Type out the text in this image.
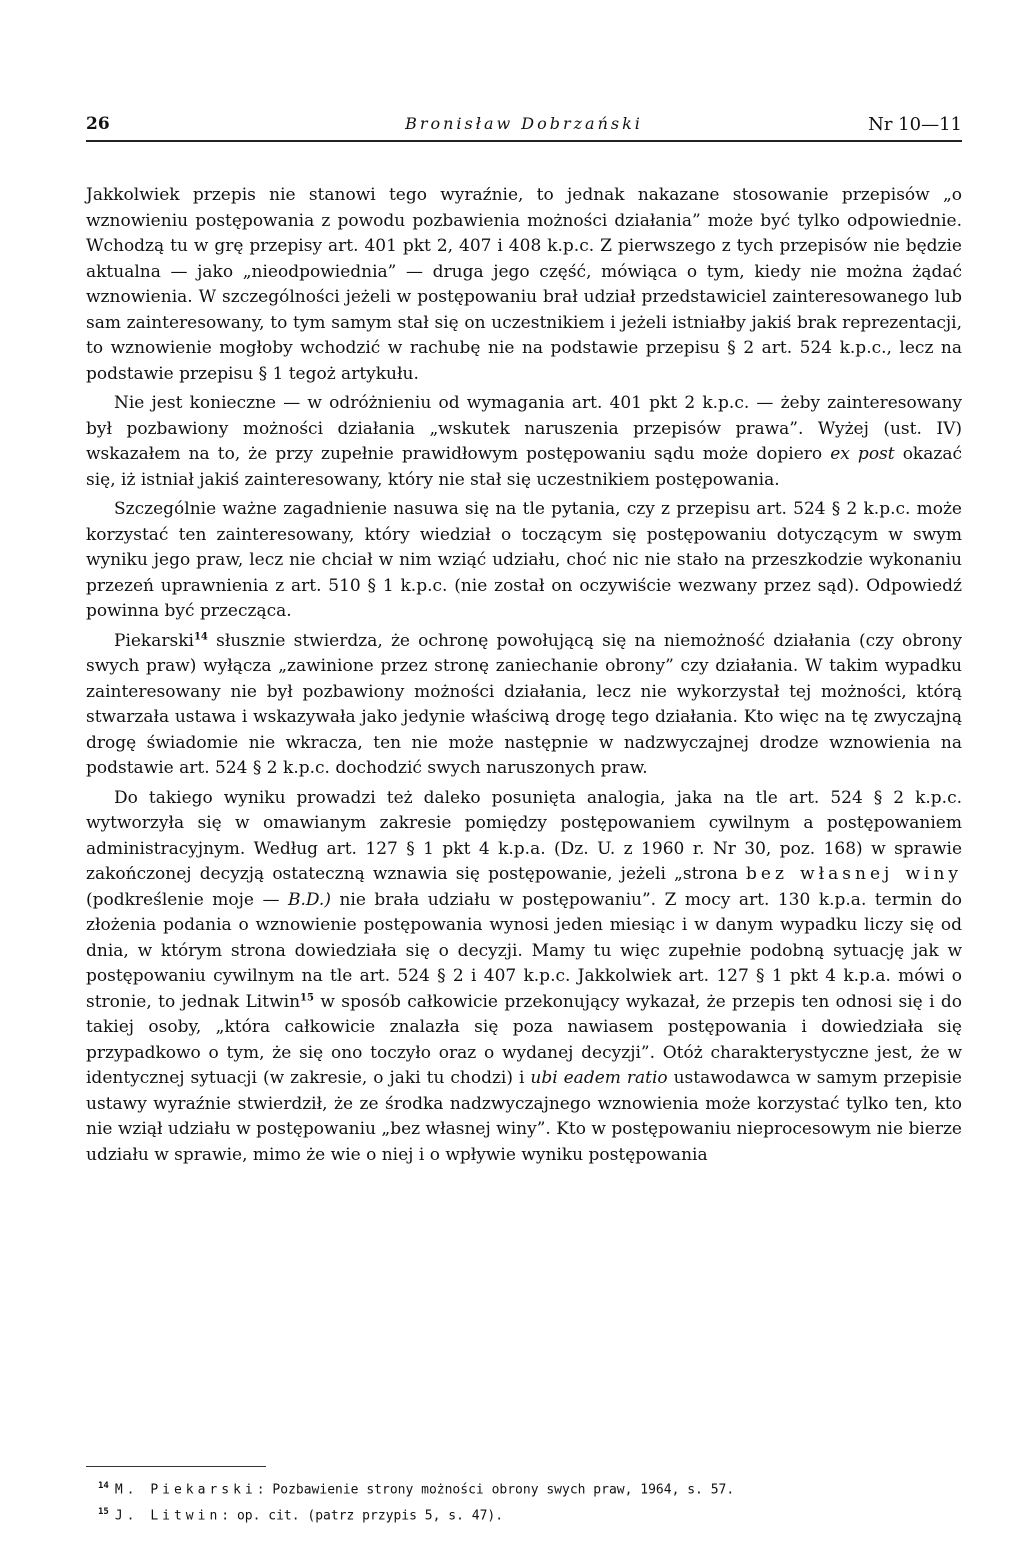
26	Bronisław Dobrzański	Nr 10—11

Jakkolwiek przepis nie stanowi tego wyraźnie, to jednak nakazane stosowanie przepisów „o wznowieniu postępowania z powodu pozbawienia możności działania” może być tylko odpowiednie. Wchodzą tu w grę przepisy art. 401 pkt 2, 407 i 408 k.p.c. Z pierwszego z tych przepisów nie będzie aktualna — jako „nieodpowiednia” — druga jego część, mówiąca o tym, kiedy nie można żądać wznowienia. W szczególności jeżeli w postępowaniu brał udział przedstawiciel zainteresowanego lub sam zainteresowany, to tym samym stał się on uczestnikiem i jeżeli istniałby jakiś brak reprezentacji, to wznowienie mogłoby wchodzić w rachubę nie na podstawie przepisu § 2 art. 524 k.p.c., lecz na podstawie przepisu § 1 tegoż artykułu.

Nie jest konieczne — w odróżnieniu od wymagania art. 401 pkt 2 k.p.c. — żeby zainteresowany był pozbawiony możności działania „wskutek naruszenia przepisów prawa”. Wyżej (ust. IV) wskazałem na to, że przy zupełnie prawidłowym postępowaniu sądu może dopiero ex post okazać się, iż istniał jakiś zainteresowany, który nie stał się uczestnikiem postępowania.

Szczególnie ważne zagadnienie nasuwa się na tle pytania, czy z przepisu art. 524 § 2 k.p.c. może korzystać ten zainteresowany, który wiedział o toczącym się postępowaniu dotyczącym w swym wyniku jego praw, lecz nie chciał w nim wziąć udziału, choć nic nie stało na przeszkodzie wykonaniu przezeń uprawnienia z art. 510 § 1 k.p.c. (nie został on oczywiście wezwany przez sąd). Odpowiedź powinna być przecząca.

Piekarski$^{14}$ słusznie stwierdza, że ochronę powołującą się na niemożność działania (czy obrony swych praw) wyłącza „zawinione przez stronę zaniechanie obrony” czy działania. W takim wypadku zainteresowany nie był pozbawiony możności działania, lecz nie wykorzystał tej możności, którą stwarzała ustawa i wskazywała jako jedynie właściwą drogę tego działania. Kto więc na tę zwyczajną drogę świadomie nie wkracza, ten nie może następnie w nadzwyczajnej drodze wznowienia na podstawie art. 524 § 2 k.p.c. dochodzić swych naruszonych praw.

Do takiego wyniku prowadzi też daleko posunięta analogia, jaka na tle art. 524 § 2 k.p.c. wytworzyła się w omawianym zakresie pomiędzy postępowaniem cywilnym a postępowaniem administracyjnym. Według art. 127 § 1 pkt 4 k.p.a. (Dz. U. z 1960 r. Nr 30, poz. 168) w sprawie zakończonej decyzją ostateczną wznawia się postępowanie, jeżeli „strona bez własnej winy (podkreślenie moje — B.D.) nie brała udziału w postępowaniu”. Z mocy art. 130 k.p.a. termin do złożenia podania o wznowienie postępowania wynosi jeden miesiąc i w danym wypadku liczy się od dnia, w którym strona dowiedziała się o decyzji. Mamy tu więc zupełnie podobną sytuację jak w postępowaniu cywilnym na tle art. 524 § 2 i 407 k.p.c. Jakkolwiek art. 127 § 1 pkt 4 k.p.a. mówi o stronie, to jednak Litwin$^{15}$ w sposób całkowicie przekonujący wykazał, że przepis ten odnosi się i do takiej osoby, „która całkowicie znalazła się poza nawiasem postępowania i dowiedziała się przypadkowo o tym, że się ono toczyło oraz o wydanej decyzji”. Otóż charakterystyczne jest, że w identycznej sytuacji (w zakresie, o jaki tu chodzi) i ubi eadem ratio ustawodawca w samym przepisie ustawy wyraźnie stwierdził, że ze środka nadzwyczajnego wznowienia może korzystać tylko ten, kto nie wziął udziału w postępowaniu „bez własnej winy”. Kto w postępowaniu nieprocesowym nie bierze udziału w sprawie, mimo że wie o niej i o wpływie wyniku postępowania

$^{14}$ M. Piekarski: Pozbawienie strony możności obrony swych praw, 1964, s. 57.
$^{15}$ J. Litwin: op. cit. (patrz przypis 5, s. 47).
